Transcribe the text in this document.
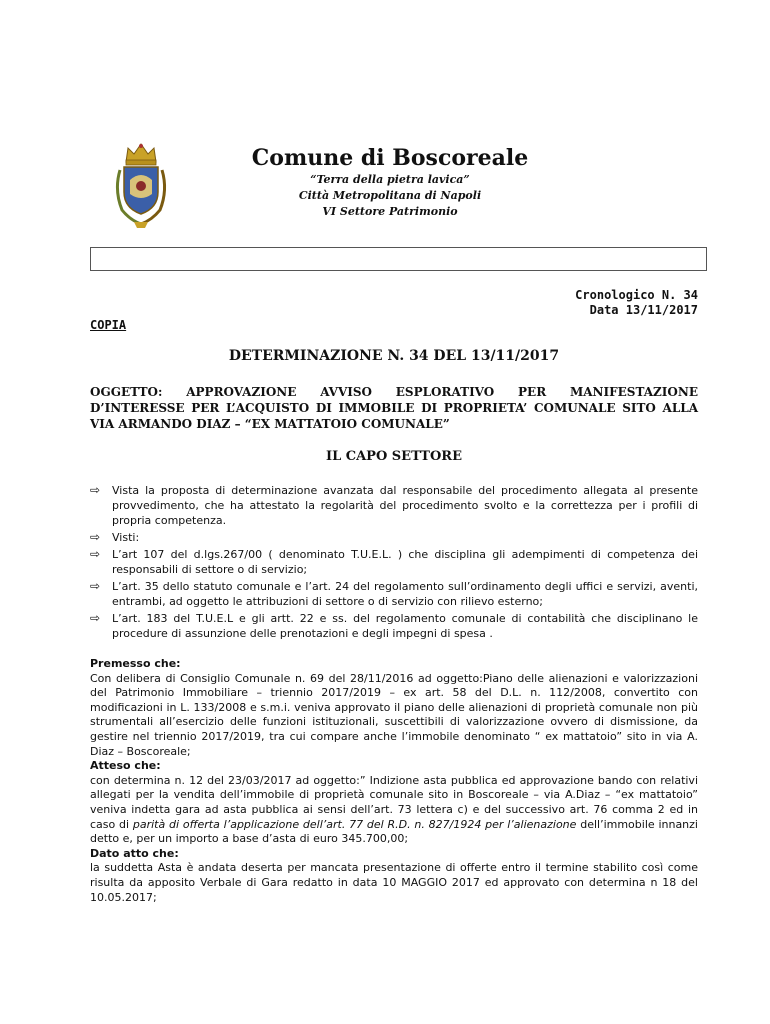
Comune di Boscoreale
“Terra della pietra lavica”
Città Metropolitana di Napoli
VI Settore Patrimonio
Cronologico N. 34
Data 13/11/2017
COPIA
DETERMINAZIONE N. 34 DEL 13/11/2017
OGGETTO: APPROVAZIONE AVVISO ESPLORATIVO PER MANIFESTAZIONE
D’INTERESSE PER L’ACQUISTO DI IMMOBILE DI PROPRIETA’ COMUNALE SITO ALLA
VIA ARMANDO DIAZ – “EX MATTATOIO COMUNALE”
IL CAPO SETTORE
⇨ Vista la proposta di determinazione avanzata dal responsabile del procedimento allegata al presente provvedimento, che ha attestato la regolarità del procedimento svolto e la correttezza per i profili di propria competenza.
⇨ Visti:
⇨ L’art 107 del d.lgs.267/00 ( denominato T.U.E.L. ) che disciplina gli adempimenti di competenza dei responsabili di settore o di servizio;
⇨ L’art. 35 dello statuto comunale e l’art. 24 del regolamento sull’ordinamento degli uffici e servizi, aventi, entrambi, ad oggetto le attribuzioni di settore o di servizio con rilievo esterno;
⇨ L’art. 183 del T.U.E.L e gli artt. 22 e ss. del regolamento comunale di contabilità che disciplinano le procedure di assunzione delle prenotazioni e degli impegni di spesa .
Premesso che:

Con delibera di Consiglio Comunale n. 69 del 28/11/2016 ad oggetto:Piano delle alienazioni e valorizzazioni del Patrimonio Immobiliare – triennio 2017/2019 – ex art. 58 del D.L. n. 112/2008, convertito con modificazioni in L. 133/2008 e s.m.i. veniva approvato il piano delle alienazioni di proprietà comunale non più strumentali all’esercizio delle funzioni istituzionali, suscettibili di valorizzazione ovvero di dismissione, da gestire nel triennio 2017/2019, tra cui compare anche l’immobile denominato “ ex mattatoio” sito in via A. Diaz – Boscoreale;

Atteso che:

con determina n. 12 del 23/03/2017 ad oggetto:” Indizione asta pubblica ed approvazione bando con relativi allegati per la vendita dell’immobile di proprietà comunale sito in Boscoreale – via A.Diaz – “ex mattatoio” veniva indetta gara ad asta pubblica ai sensi dell’art. 73 lettera c) e del successivo art. 76 comma 2 ed in caso di parità di offerta l’applicazione dell’art. 77 del R.D. n. 827/1924 per l’alienazione dell’immobile innanzi detto e, per un importo a base d’asta di euro 345.700,00;

Dato atto che:

la suddetta Asta è andata deserta per mancata presentazione di offerte entro il termine stabilito così come risulta da apposito Verbale di Gara redatto in data 10 MAGGIO 2017 ed approvato con determina n 18 del 10.05.2017;
